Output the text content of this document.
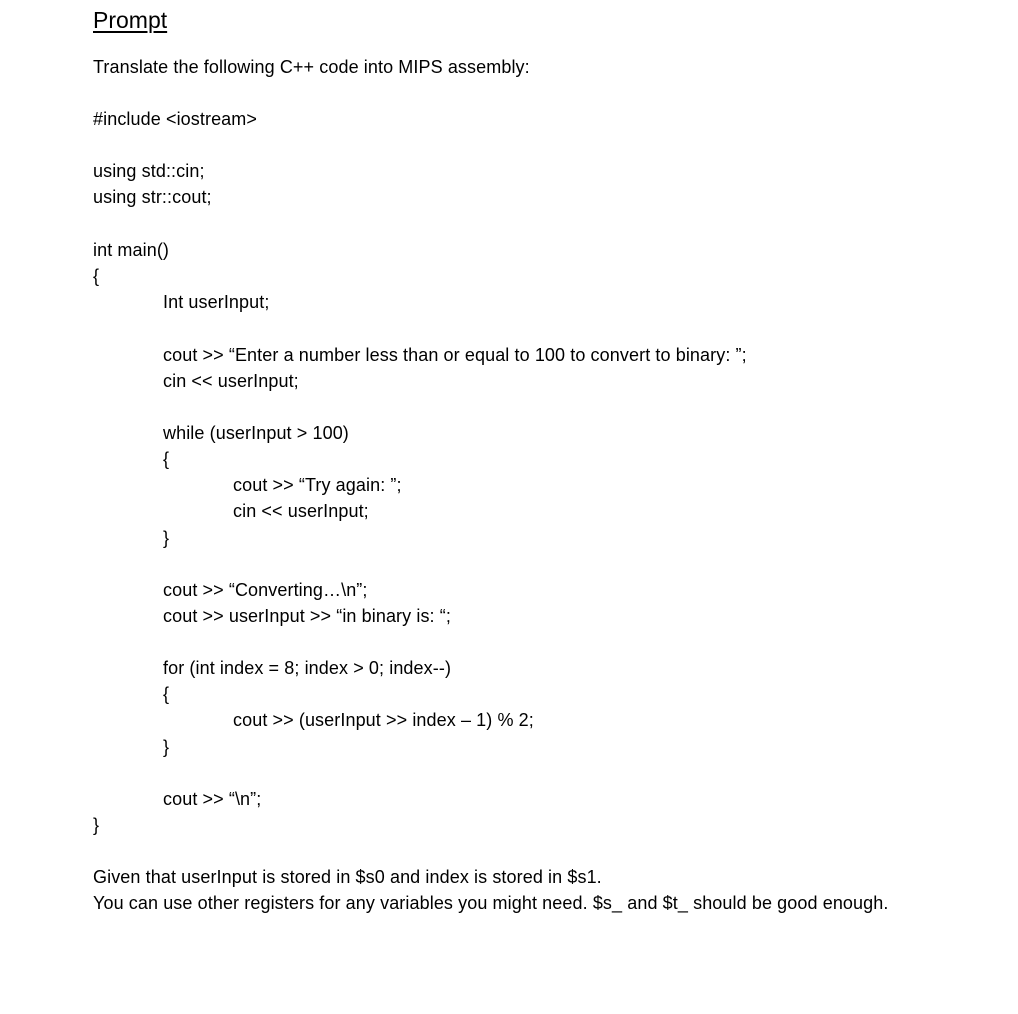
Prompt
Translate the following C++ code into MIPS assembly:
#include <iostream>
using std::cin;
using str::cout;
int main()
{
Int userInput;
cout >> “Enter a number less than or equal to 100 to convert to binary: ”;
cin << userInput;
while (userInput > 100)
{
cout >> “Try again: ”;
cin << userInput;
}
cout >> “Converting…\n”;
cout >> userInput >> “in binary is: “;
for (int index = 8; index > 0; index--)
{
cout >> (userInput >> index – 1) % 2;
}
cout >> “\n”;
}
Given that userInput is stored in $s0 and index is stored in $s1.
You can use other registers for any variables you might need. $s_ and $t_ should be good enough.
